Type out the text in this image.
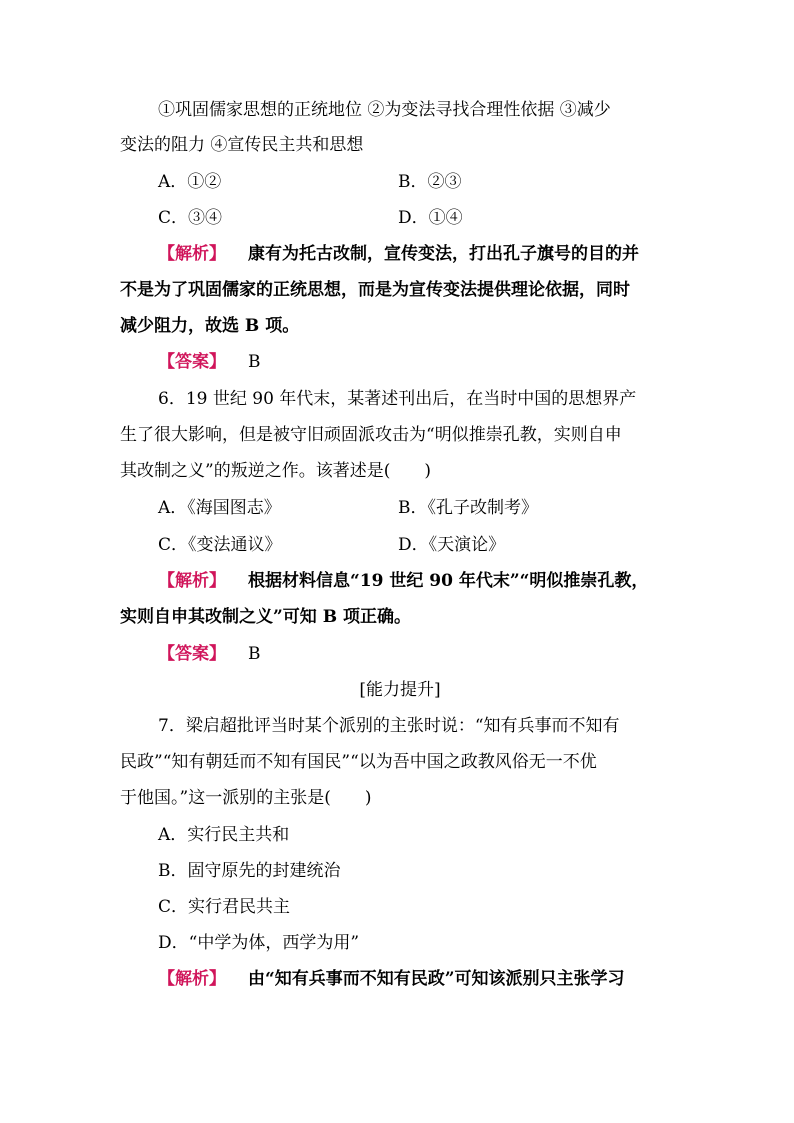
①巩固儒家思想的正统地位 ②为变法寻找合理性依据 ③减少
变法的阻力 ④宣传民主共和思想
A．①②	B．②③
C．③④	D．①④
【解析】 康有为托古改制，宣传变法，打出孔子旗号的目的并
不是为了巩固儒家的正统思想，而是为宣传变法提供理论依据，同时
减少阻力，故选 B 项。
【答案】 B
6．19 世纪 90 年代末，某著述刊出后，在当时中国的思想界产
生了很大影响，但是被守旧顽固派攻击为“明似推崇孔教，实则自申
其改制之义”的叛逆之作。该著述是(　　)
A．《海国图志》	B．《孔子改制考》
C．《变法通议》	D．《天演论》
【解析】 根据材料信息“19 世纪 90 年代末”“明似推崇孔教，
实则自申其改制之义”可知 B 项正确。
【答案】 B
[能力提升]
7．梁启超批评当时某个派别的主张时说：“知有兵事而不知有
民政”“知有朝廷而不知有国民”“以为吾中国之政教风俗无一不优
于他国。”这一派别的主张是(　　)
A．实行民主共和
B．固守原先的封建统治
C．实行君民共主
D．“中学为体，西学为用”
【解析】 由“知有兵事而不知有民政”可知该派别只主张学习
